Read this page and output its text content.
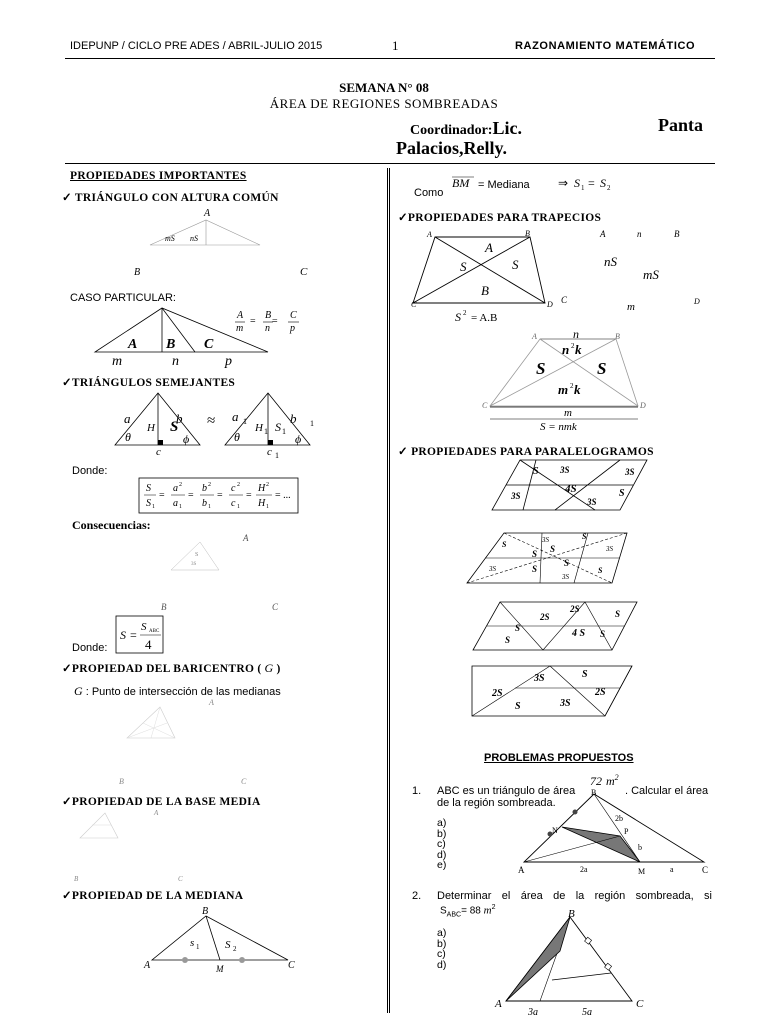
IDEPUNP / CICLO PRE ADES / ABRIL-JULIO 2015	1	RAZONAMIENTO MATEMÁTICO
SEMANA N° 08
ÁREA DE REGIONES SOMBREADAS
Coordinador:Lic.	Panta
Palacios,Relly.
PROPIEDADES IMPORTANTES
✓ TRIÁNGULO CON ALTURA COMÚN
A
mS nS
B	C
CASO PARTICULAR:
A B C
m	n	p
A
m
=
B
n
=
C
p
✓TRIÁNGULOS SEMEJANTES
a	b
H S
θ	ϕ
c
≈ a 1	b 1
H 1 S 1
θ	ϕ
c 1
Donde:
S
S 1
=
a 2
a 1
=
b 2
b 1
=
c 2
c 1
=
H 2
H 1
= ...
Consecuencias:
A
S
3S
B	C
S =
S ABC
4
Donde:
✓PROPIEDAD DEL BARICENTRO ( G )
G : Punto de intersección de las medianas
A
B	C
✓PROPIEDAD DE LA BASE MEDIA
A
B	C
✓PROPIEDAD DE LA MEDIANA
B
s 1 S 2
A	M	C
BM	⇒ S 1 = S 2
= Mediana
Como
✓PROPIEDADES PARA TRAPECIOS
A	B
C	D
A
S	S
B
S 2 = A.B
A	n	B
nS
mS
C
m	D
A	B
n
n 2 k
S	S
m 2 k
C	D
m
S = nmk
✓ PROPIEDADES PARA PARALELOGRAMOS
S 3S	3S
3S
4S
3S
S
3S	S
S
S S	3S
3S	S
S
S
3S
2S
2S	S
S	4 S
S
S
3S	S
2S	2S
S	3S
PROBLEMAS PROPUESTOS
1. ABC es un triángulo de área
72 $m^2$
. Calcular el área
de la región sombreada.
a)
b)
c)
d)
e)
B
2b
P
b
N
A	2a	M	a	C
2. Determinar el área de la región sombreada, si
$S_{ABC}= 88$ $m^2$
a)
b)
c)
d)
B
A	C
3a	5a
